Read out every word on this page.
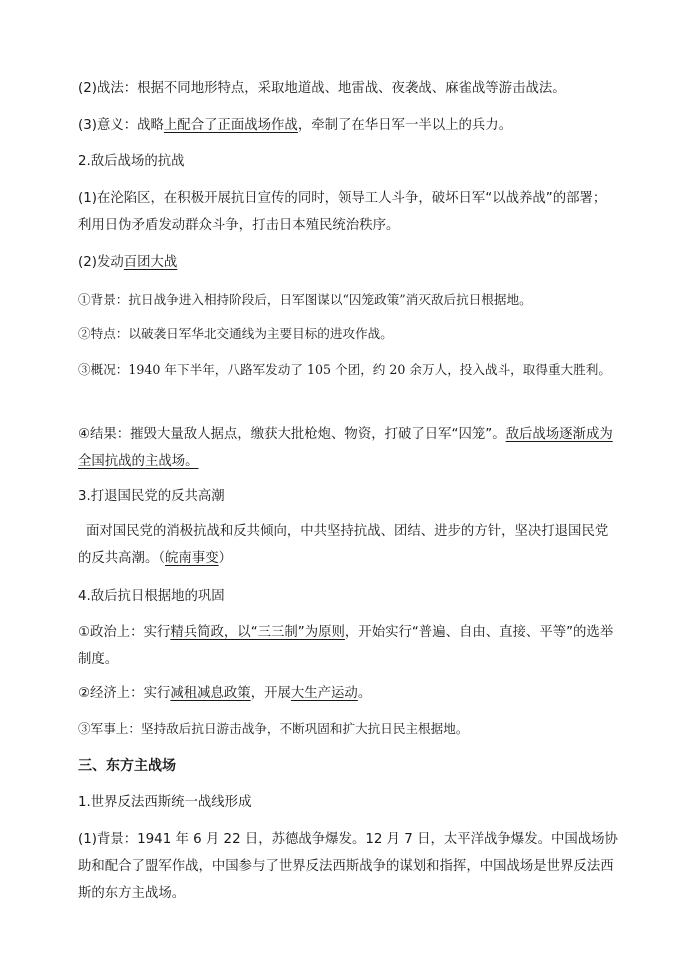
(2)战法：根据不同地形特点，采取地道战、地雷战、夜袭战、麻雀战等游击战法。

(3)意义：战略上配合了正面战场作战，牵制了在华日军一半以上的兵力。

2.敌后战场的抗战

(1)在沦陷区，在积极开展抗日宣传的同时，领导工人斗争，破坏日军“以战养战”的部署；利用日伪矛盾发动群众斗争，打击日本殖民统治秩序。

(2)发动百团大战

①背景：抗日战争进入相持阶段后，日军图谋以“囚笼政策”消灭敌后抗日根据地。

②特点：以破袭日军华北交通线为主要目标的进攻作战。

③概况：1940 年下半年，八路军发动了 105 个团，约 20 余万人，投入战斗，取得重大胜利。

④结果：摧毁大量敌人据点，缴获大批枪炮、物资，打破了日军“囚笼”。敌后战场逐渐成为全国抗战的主战场。

3.打退国民党的反共高潮

面对国民党的消极抗战和反共倾向，中共坚持抗战、团结、进步的方针，坚决打退国民党的反共高潮。（皖南事变）

4.敌后抗日根据地的巩固

①政治上：实行精兵简政，以“三三制”为原则，开始实行“普遍、自由、直接、平等”的选举制度。

②经济上：实行减租减息政策，开展大生产运动。

③军事上：坚持敌后抗日游击战争，不断巩固和扩大抗日民主根据地。

三、东方主战场

1.世界反法西斯统一战线形成

(1)背景：1941 年 6 月 22 日，苏德战争爆发。12 月 7 日，太平洋战争爆发。中国战场协助和配合了盟军作战，中国参与了世界反法西斯战争的谋划和指挥，中国战场是世界反法西斯的东方主战场。
